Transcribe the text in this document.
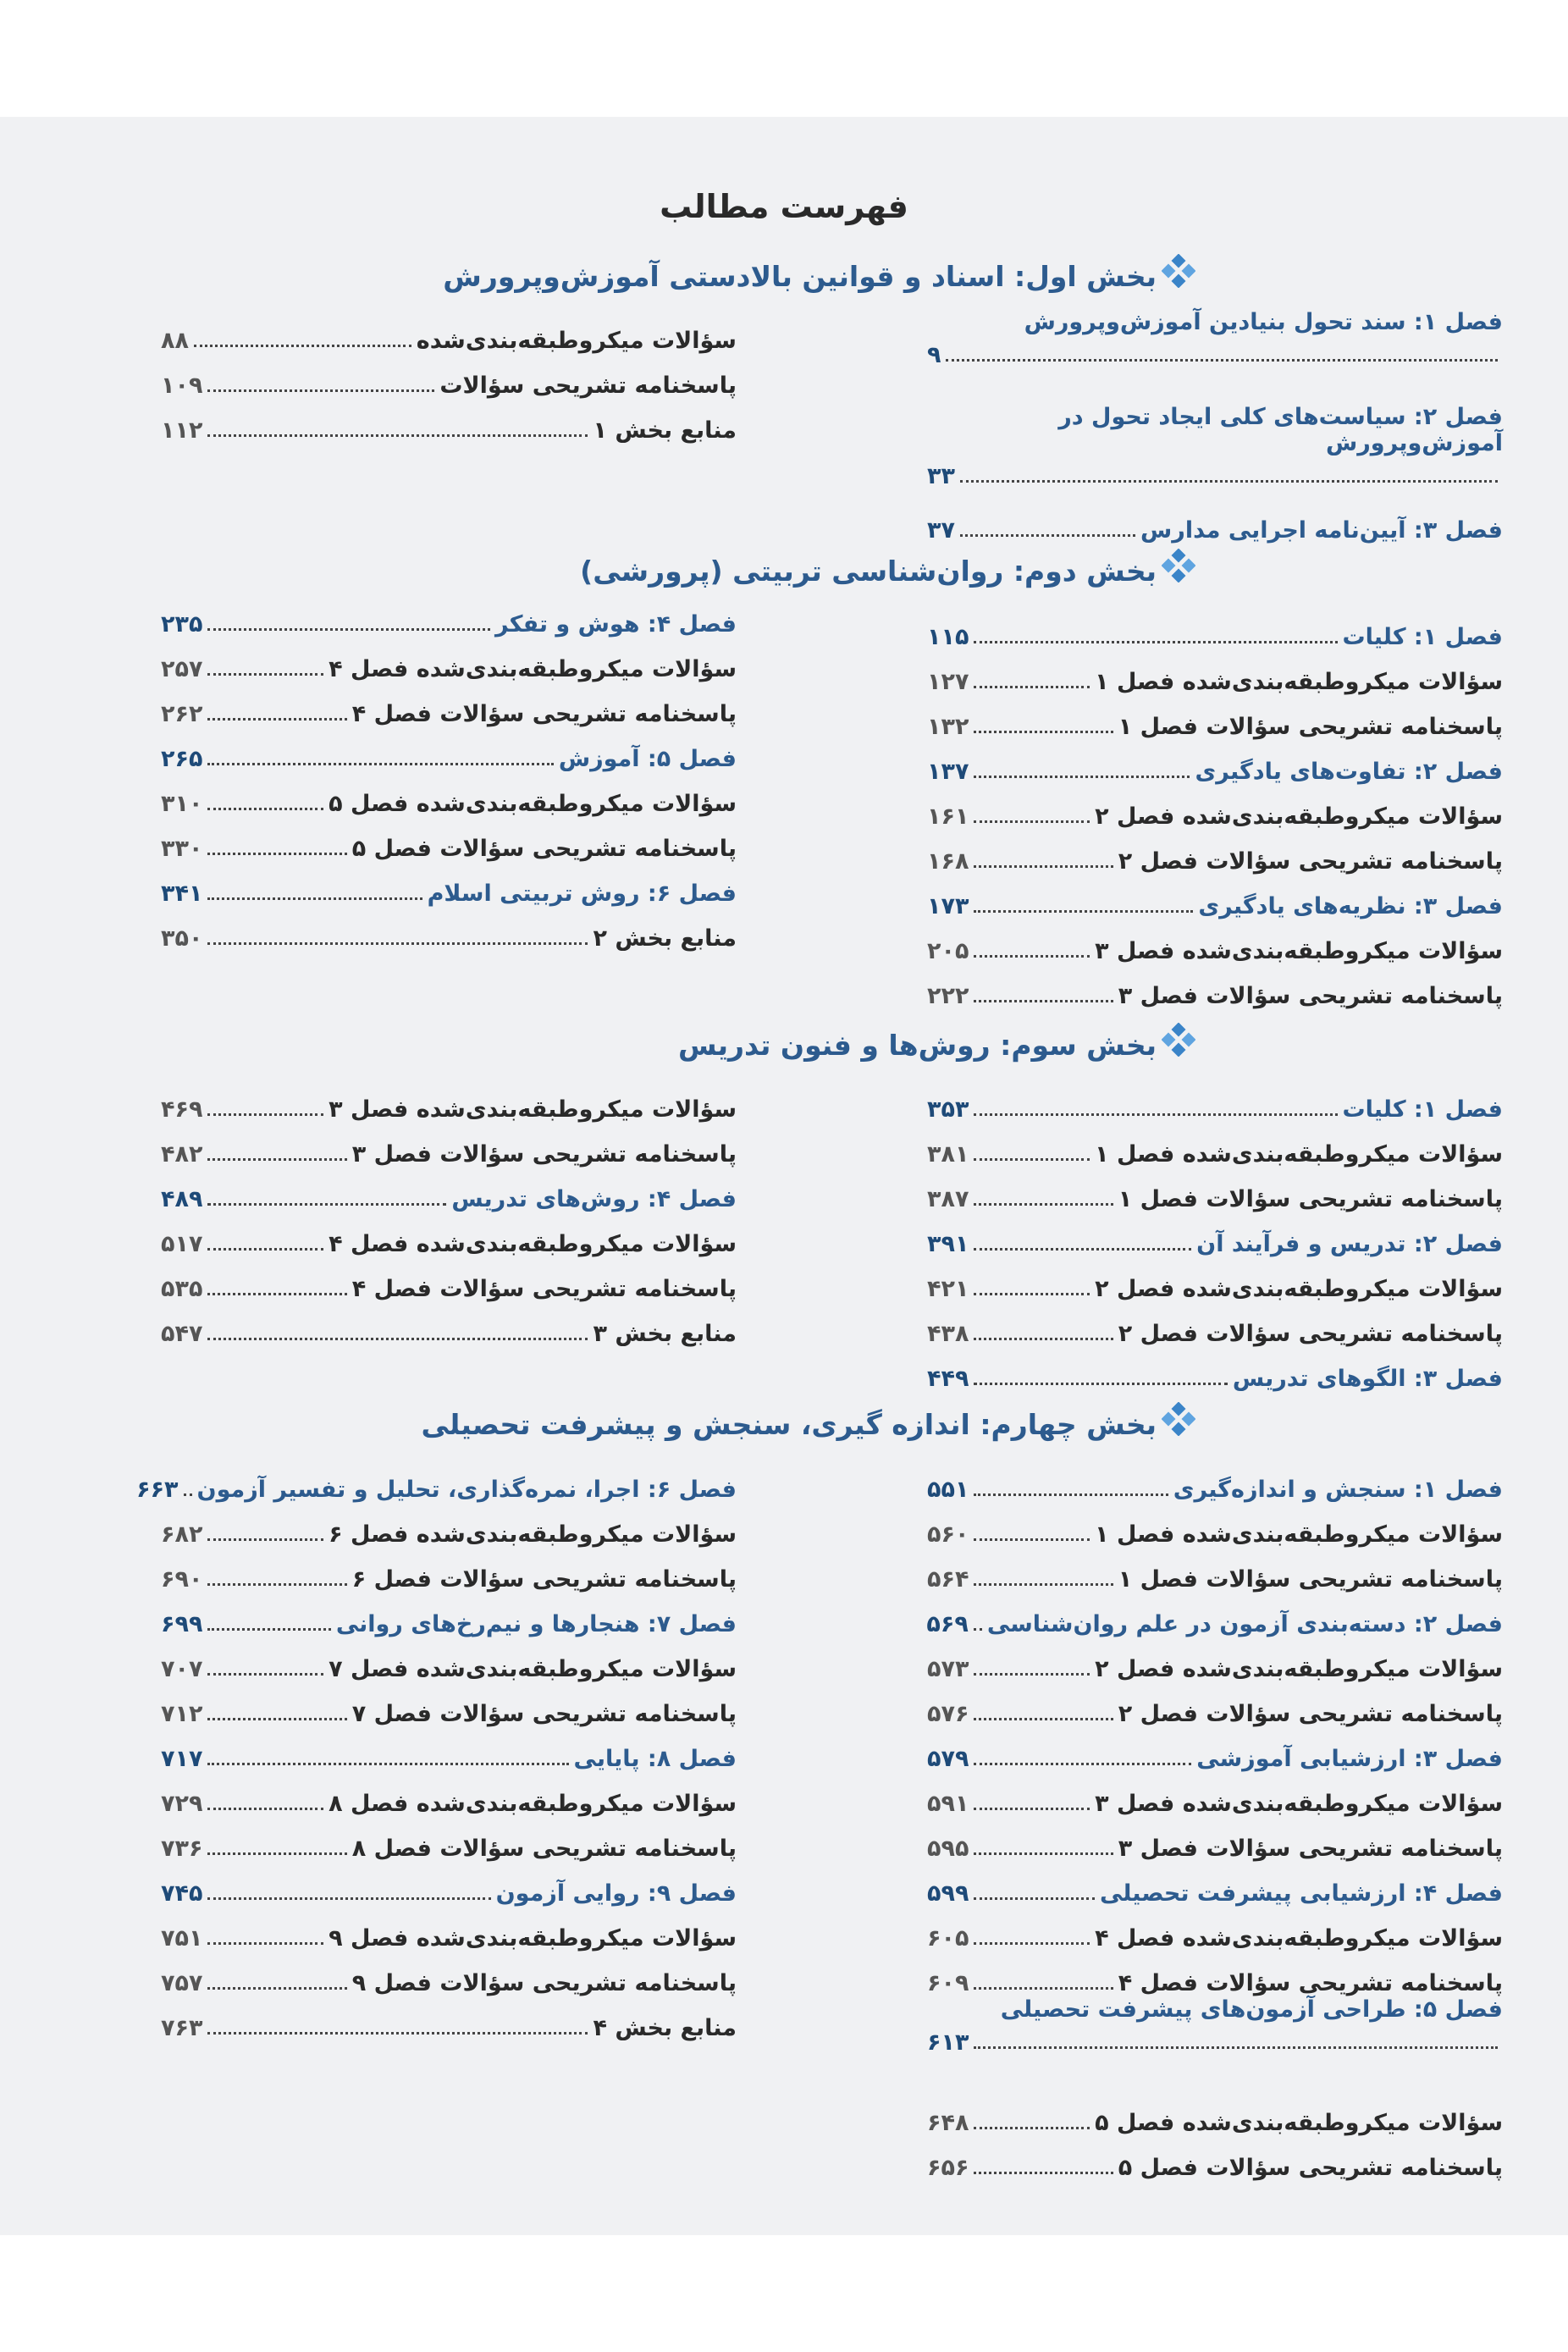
فهرست مطالب
بخش اول: اسناد و قوانین بالادستی آموزش‌وپرورش
فصل ۱: سند تحول بنیادین آموزش‌وپرورش
۹
فصل ۲: سیاست‌های کلی ایجاد تحول در آموزش‌وپرورش
۳۳
فصل ۳: آیین‌نامه اجرایی مدارس
۳۷
سؤالات میکروطبقه‌بندی‌شده
۸۸
پاسخنامه تشریحی سؤالات
۱۰۹
منابع بخش ۱
۱۱۲
بخش دوم: روان‌شناسی تربیتی (پرورشی)
فصل ۱: کلیات
۱۱۵
سؤالات میکروطبقه‌بندی‌شده فصل ۱
۱۲۷
پاسخنامه تشریحی سؤالات فصل ۱
۱۳۲
فصل ۲: تفاوت‌های یادگیری
۱۳۷
سؤالات میکروطبقه‌بندی‌شده فصل ۲
۱۶۱
پاسخنامه تشریحی سؤالات فصل ۲
۱۶۸
فصل ۳: نظریه‌های یادگیری
۱۷۳
سؤالات میکروطبقه‌بندی‌شده فصل ۳
۲۰۵
پاسخنامه تشریحی سؤالات فصل ۳
۲۲۲
فصل ۴: هوش و تفکر
۲۳۵
سؤالات میکروطبقه‌بندی‌شده فصل ۴
۲۵۷
پاسخنامه تشریحی سؤالات فصل ۴
۲۶۲
فصل ۵: آموزش
۲۶۵
سؤالات میکروطبقه‌بندی‌شده فصل ۵
۳۱۰
پاسخنامه تشریحی سؤالات فصل ۵
۳۳۰
فصل ۶: روش تربیتی اسلام
۳۴۱
منابع بخش ۲
۳۵۰
بخش سوم: روش‌ها و فنون تدریس
فصل ۱: کلیات
۳۵۳
سؤالات میکروطبقه‌بندی‌شده فصل ۱
۳۸۱
پاسخنامه تشریحی سؤالات فصل ۱
۳۸۷
فصل ۲: تدریس و فرآیند آن
۳۹۱
سؤالات میکروطبقه‌بندی‌شده فصل ۲
۴۲۱
پاسخنامه تشریحی سؤالات فصل ۲
۴۳۸
فصل ۳: الگوهای تدریس
۴۴۹
سؤالات میکروطبقه‌بندی‌شده فصل ۳
۴۶۹
پاسخنامه تشریحی سؤالات فصل ۳
۴۸۲
فصل ۴: روش‌های تدریس
۴۸۹
سؤالات میکروطبقه‌بندی‌شده فصل ۴
۵۱۷
پاسخنامه تشریحی سؤالات فصل ۴
۵۳۵
منابع بخش ۳
۵۴۷
بخش چهارم: اندازه گیری، سنجش و پیشرفت تحصیلی
فصل ۱: سنجش و اندازه‌گیری
۵۵۱
سؤالات میکروطبقه‌بندی‌شده فصل ۱
۵۶۰
پاسخنامه تشریحی سؤالات فصل ۱
۵۶۴
فصل ۲: دسته‌بندی آزمون در علم روان‌شناسی
۵۶۹
سؤالات میکروطبقه‌بندی‌شده فصل ۲
۵۷۳
پاسخنامه تشریحی سؤالات فصل ۲
۵۷۶
فصل ۳: ارزشیابی آموزشی
۵۷۹
سؤالات میکروطبقه‌بندی‌شده فصل ۳
۵۹۱
پاسخنامه تشریحی سؤالات فصل ۳
۵۹۵
فصل ۴: ارزشیابی پیشرفت تحصیلی
۵۹۹
سؤالات میکروطبقه‌بندی‌شده فصل ۴
۶۰۵
پاسخنامه تشریحی سؤالات فصل ۴
۶۰۹
فصل ۵: طراحی آزمون‌های پیشرفت تحصیلی
۶۱۳
سؤالات میکروطبقه‌بندی‌شده فصل ۵
۶۴۸
پاسخنامه تشریحی سؤالات فصل ۵
۶۵۶
فصل ۶: اجرا، نمره‌گذاری، تحلیل و تفسیر آزمون
۶۶۳
سؤالات میکروطبقه‌بندی‌شده فصل ۶
۶۸۲
پاسخنامه تشریحی سؤالات فصل ۶
۶۹۰
فصل ۷: هنجارها و نیم‌رخ‌های روانی
۶۹۹
سؤالات میکروطبقه‌بندی‌شده فصل ۷
۷۰۷
پاسخنامه تشریحی سؤالات فصل ۷
۷۱۲
فصل ۸: پایایی
۷۱۷
سؤالات میکروطبقه‌بندی‌شده فصل ۸
۷۲۹
پاسخنامه تشریحی سؤالات فصل ۸
۷۳۶
فصل ۹: روایی آزمون
۷۴۵
سؤالات میکروطبقه‌بندی‌شده فصل ۹
۷۵۱
پاسخنامه تشریحی سؤالات فصل ۹
۷۵۷
منابع بخش ۴
۷۶۳
